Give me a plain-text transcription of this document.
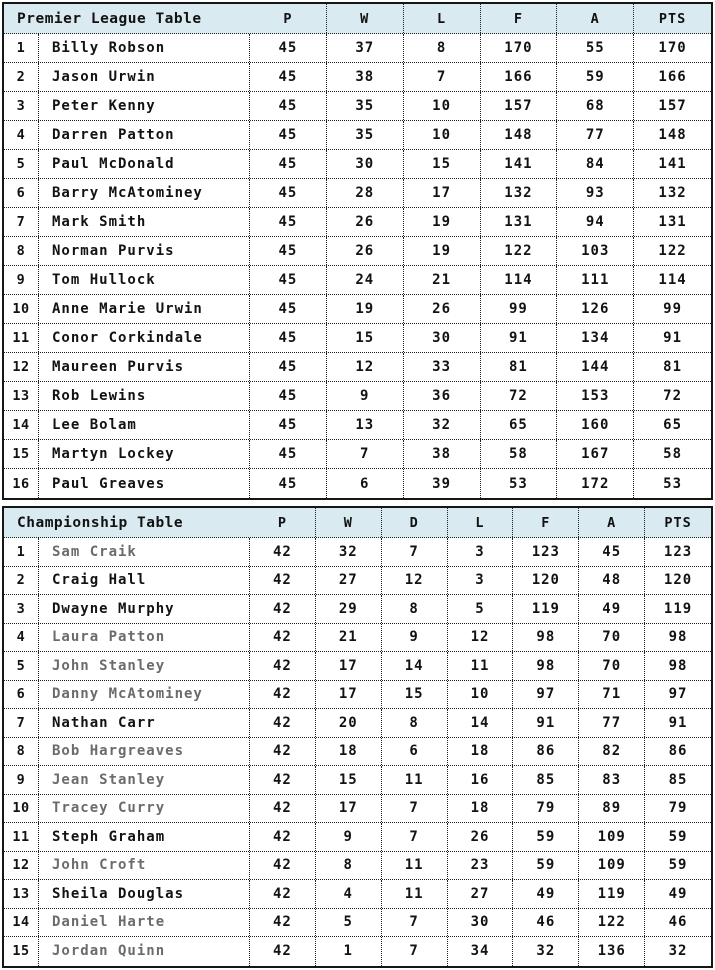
Premier League Table	P	W	L	F	A	PTS
1	Billy Robson	45	37	8	170	55	170
2	Jason Urwin	45	38	7	166	59	166
3	Peter Kenny	45	35	10	157	68	157
4	Darren Patton	45	35	10	148	77	148
5	Paul McDonald	45	30	15	141	84	141
6	Barry McAtominey	45	28	17	132	93	132
7	Mark Smith	45	26	19	131	94	131
8	Norman Purvis	45	26	19	122	103	122
9	Tom Hullock	45	24	21	114	111	114
10	Anne Marie Urwin	45	19	26	99	126	99
11	Conor Corkindale	45	15	30	91	134	91
12	Maureen Purvis	45	12	33	81	144	81
13	Rob Lewins	45	9	36	72	153	72
14	Lee Bolam	45	13	32	65	160	65
15	Martyn Lockey	45	7	38	58	167	58
16	Paul Greaves	45	6	39	53	172	53
Championship Table	P	W	D	L	F	A	PTS
1	Sam Craik	42	32	7	3	123	45	123
2	Craig Hall	42	27	12	3	120	48	120
3	Dwayne Murphy	42	29	8	5	119	49	119
4	Laura Patton	42	21	9	12	98	70	98
5	John Stanley	42	17	14	11	98	70	98
6	Danny McAtominey	42	17	15	10	97	71	97
7	Nathan Carr	42	20	8	14	91	77	91
8	Bob Hargreaves	42	18	6	18	86	82	86
9	Jean Stanley	42	15	11	16	85	83	85
10	Tracey Curry	42	17	7	18	79	89	79
11	Steph Graham	42	9	7	26	59	109	59
12	John Croft	42	8	11	23	59	109	59
13	Sheila Douglas	42	4	11	27	49	119	49
14	Daniel Harte	42	5	7	30	46	122	46
15	Jordan Quinn	42	1	7	34	32	136	32
